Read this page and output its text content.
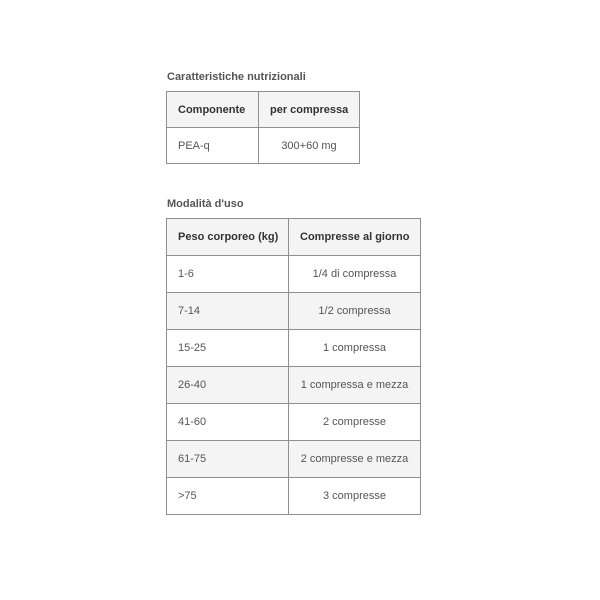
Caratteristiche nutrizionali
Componente	per compressa
PEA-q	300+60 mg
Modalità d'uso
Peso corporeo (kg)	Compresse al giorno
1-6	1/4 di compressa
7-14	1/2 compressa
15-25	1 compressa
26-40	1 compressa e mezza
41-60	2 compresse
61-75	2 compresse e mezza
>75	3 compresse
